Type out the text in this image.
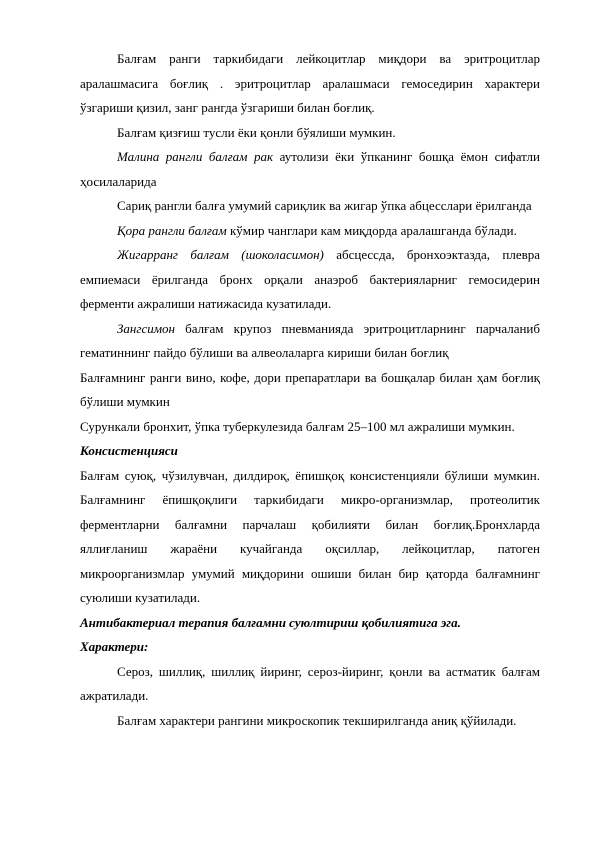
Балғам ранги таркибидаги лейкоцитлар миқдори ва эритроцитлар аралашмасига боғлиқ . эритроцитлар аралашмаси гемоседирин характери ўзгариши қизил, занг рангда ўзгариши билан боғлиқ.

Балғам қизғиш тусли ёки қонли бўялиши мумкин.

Малина рангли балғам рак аутолизи ёки ўпканинг бошқа ёмон сифатли ҳосилаларида

Сариқ рангли балға умумий сариқлик ва жигар ўпка абцесслари ёрилганда

Қора рангли балғам кўмир чанглари кам миқдорда аралашганда бўлади.

Жигарранг балғам (шоколасимон) абсцессда, бронхоэктазда, плевра емпиемаси ёрилганда бронх орқали анаэроб бактерияларниг гемосидерин ферменти ажралиши натижасида кузатилади.

Зангсимон балғам крупоз пневманияда эритроцитларнинг парчаланиб гематиннинг пайдо бўлиши ва алвеолаларга кириши билан боғлиқ

Балғамнинг ранги вино, кофе, дори препаратлари ва бошқалар билан ҳам боғлиқ бўлиши мумкин

Сурункали бронхит, ўпка туберкулезида балғам 25–100 мл ажралиши мумкин.

Консистенцияси

Балғам суюқ, чўзилувчан, дилдироқ, ёпишқоқ консистенцияли бўлиши мумкин. Балғамнинг ёпишқоқлиги таркибидаги микро-организмлар, протеолитик ферментларни балғамни парчалаш қобилияти билан боғлиқ.Бронхларда яллиғланиш жараёни кучайганда оқсиллар, лейкоцитлар, патоген микроорганизмлар умумий миқдорини ошиши билан бир қаторда балғамнинг суюлиши кузатилади.

Антибактериал терапия балғамни суюлтириш қобилиятига эга.

Характери:

Сероз, шиллиқ, шиллиқ йиринг, сероз-йиринг, қонли ва астматик балғам ажратилади.

Балғам характери рангини микроскопик текширилганда аниқ қўйилади.
